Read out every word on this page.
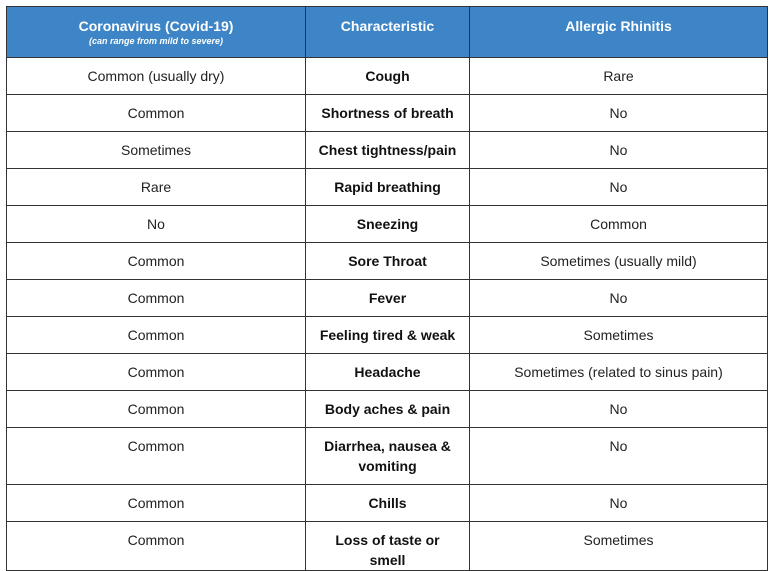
Coronavirus (Covid-19)
(can range from mild to severe)	Characteristic	Allergic Rhinitis
Common (usually dry)	Cough	Rare
Common	Shortness of breath	No
Sometimes	Chest tightness/pain	No
Rare	Rapid breathing	No
No	Sneezing	Common
Common	Sore Throat	Sometimes (usually mild)
Common	Fever	No
Common	Feeling tired & weak	Sometimes
Common	Headache	Sometimes (related to sinus pain)
Common	Body aches & pain	No
Common	Diarrhea, nausea & vomiting	No
Common	Chills	No
Common	Loss of taste or smell	Sometimes
